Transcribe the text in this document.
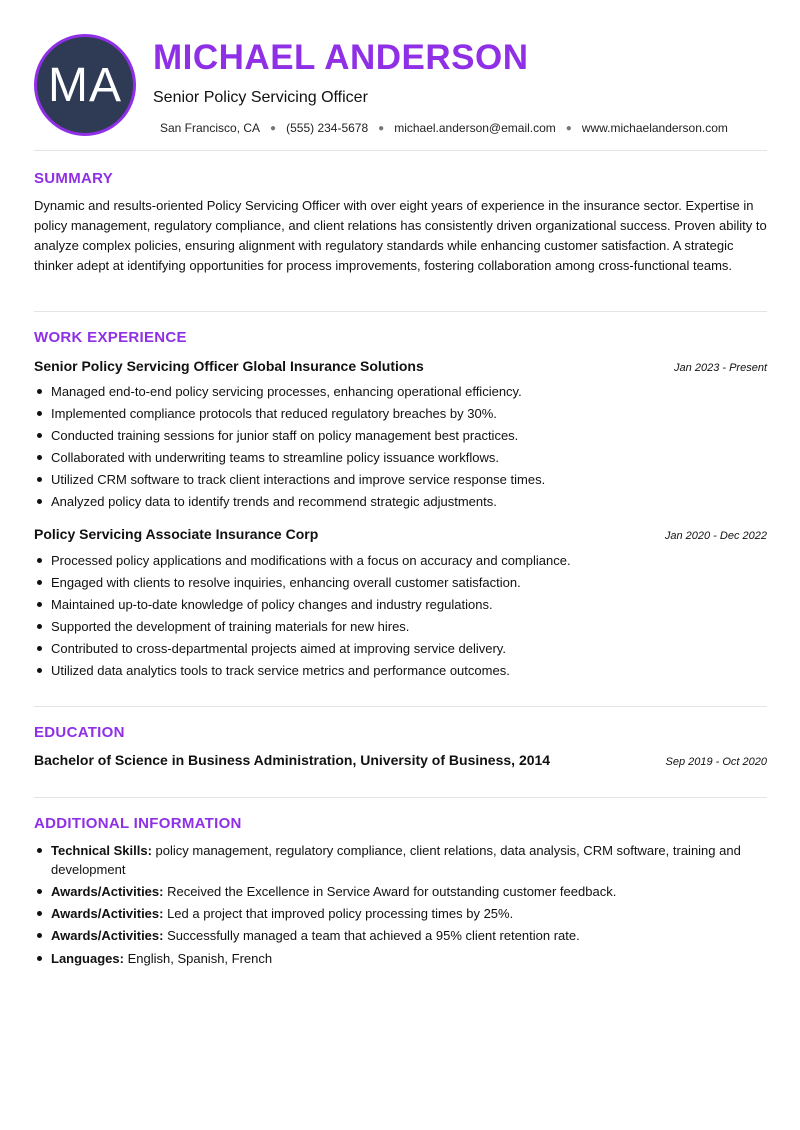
MA
MICHAEL ANDERSON
Senior Policy Servicing Officer
San Francisco, CA ● (555) 234-5678 ● michael.anderson@email.com ● www.michaelanderson.com
SUMMARY

Dynamic and results-oriented Policy Servicing Officer with over eight years of experience in the insurance sector. Expertise in policy management, regulatory compliance, and client relations has consistently driven organizational success. Proven ability to analyze complex policies, ensuring alignment with regulatory standards while enhancing customer satisfaction. A strategic thinker adept at identifying opportunities for process improvements, fostering collaboration among cross-functional teams.

WORK EXPERIENCE
Senior Policy Servicing Officer Global Insurance Solutions	Jan 2023 - Present
Managed end-to-end policy servicing processes, enhancing operational efficiency.
Implemented compliance protocols that reduced regulatory breaches by 30%.
Conducted training sessions for junior staff on policy management best practices.
Collaborated with underwriting teams to streamline policy issuance workflows.
Utilized CRM software to track client interactions and improve service response times.
Analyzed policy data to identify trends and recommend strategic adjustments.
Policy Servicing Associate Insurance Corp	Jan 2020 - Dec 2022
Processed policy applications and modifications with a focus on accuracy and compliance.
Engaged with clients to resolve inquiries, enhancing overall customer satisfaction.
Maintained up-to-date knowledge of policy changes and industry regulations.
Supported the development of training materials for new hires.
Contributed to cross-departmental projects aimed at improving service delivery.
Utilized data analytics tools to track service metrics and performance outcomes.
EDUCATION
Bachelor of Science in Business Administration, University of Business, 2014	Sep 2019 - Oct 2020
ADDITIONAL INFORMATION
Technical Skills: policy management, regulatory compliance, client relations, data analysis, CRM software, training and development
Awards/Activities: Received the Excellence in Service Award for outstanding customer feedback.
Awards/Activities: Led a project that improved policy processing times by 25%.
Awards/Activities: Successfully managed a team that achieved a 95% client retention rate.
Languages: English, Spanish, French
